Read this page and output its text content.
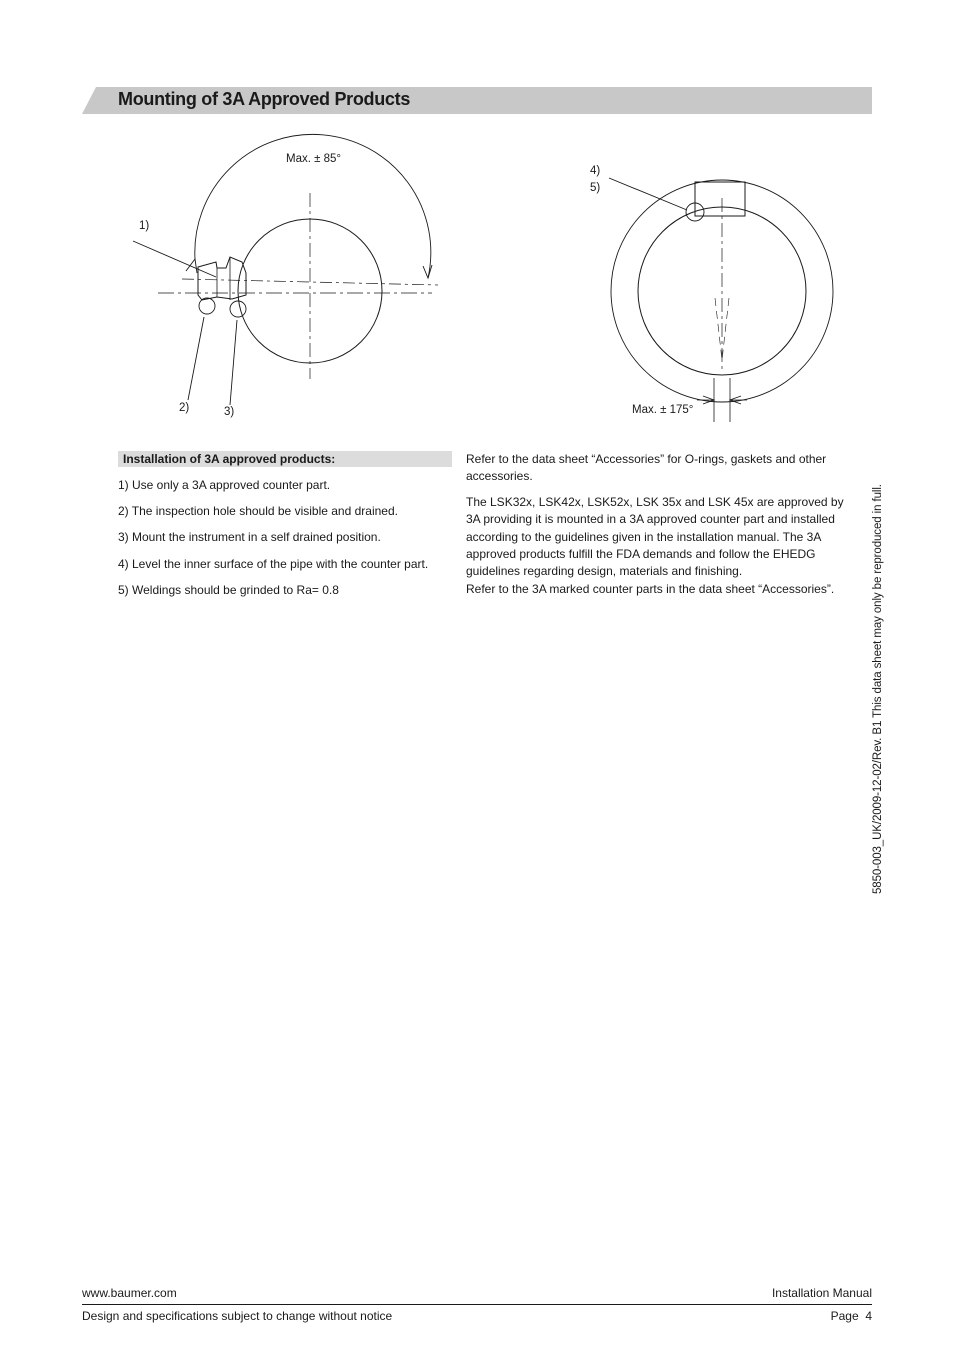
Mounting of 3A Approved Products
Max. ± 85°
1)
2)	3)
4)
5)
Max. ± 175°
Installation of 3A approved products:
1) Use only a 3A approved counter part.
2) The inspection hole should be visible and drained.
3) Mount the instrument in a self drained position.
4) Level the inner surface of the pipe with the counter part.
5) Weldings should be grinded to Ra= 0.8

Refer to the data sheet “Accessories” for O-rings, gaskets and other accessories.

The LSK32x, LSK42x, LSK52x, LSK 35x and LSK 45x are approved by 3A providing it is mounted in a 3A approved counter part and installed according to the guidelines given in the installation manual. The 3A approved products fulfill the FDA demands and follow the EHEDG guidelines regarding design, materials and finishing.

Refer to the 3A marked counter parts in the data sheet “Accessories”.	5850-003_UK/2009-12-02/Rev. B1 This data sheet may only be reproduced in full.
www.baumer.com	Installation Manual
Design and specifications subject to change without notice	Page  4
